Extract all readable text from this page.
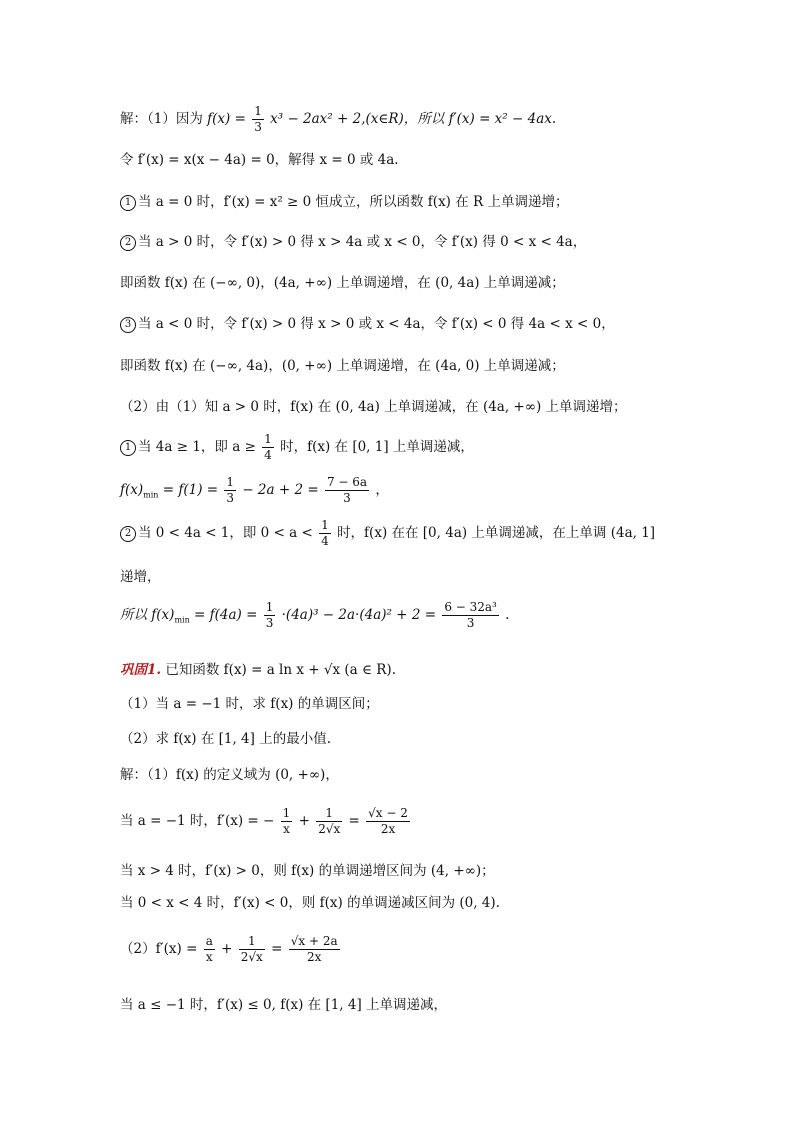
解：（1）因为 $f(x) = \frac{1}{3} x^3 - 2ax^2$ + 2,(x∈R)，所以 f′(x) = x² − 4ax.
令 f′(x) = x(x − 4a) = 0，解得 x = 0 或 4a.
1 当 a = 0 时，f′(x) = x² ≥ 0 恒成立，所以函数 f(x) 在 R 上单调递增；
2 当 a > 0 时，令 f′(x) > 0 得 x > 4a 或 x < 0，令 f′(x) 得 0 < x < 4a，
即函数 f(x) 在 (−∞, 0)，(4a, +∞) 上单调递增，在 (0, 4a) 上单调递减；
3 当 a < 0 时，令 f′(x) > 0 得 x > 0 或 x < 4a，令 f′(x) < 0 得 4a < x < 0，
即函数 f(x) 在 (−∞, 4a)，(0, +∞) 上单调递增，在 (4a, 0) 上单调递减；
（2）由（1）知 a > 0 时，f(x) 在 (0, 4a) 上单调递减，在 (4a, +∞) 上单调递增；
1 当 4a ≥ 1，即 $a \ge \frac{1}{4}$ 时，f(x) 在 [0, 1] 上单调递减，
$f(x)_{min} = f(1) = \frac{1}{3} - 2a + 2 = \frac{7 - 6a}{3}$ ，
2 当 0 < 4a < 1，即 $0 < a < \frac{1}{4}$ 时，f(x) 在在 [0, 4a) 上单调递减，在上单调 (4a, 1]
递增，
所以 $f(x)_{min} = f(4a) = \frac{1}{3} \cdot(4a)^3 - 2a\cdot(4a)^2 + 2 = \frac{\text{6 − 32a³}}{3}$ .
巩固1. 已知函数 f(x) = a ln x + √x (a ∈ R).
（1）当 a = −1 时，求 f(x) 的单调区间；
（2）求 f(x) 在 [1, 4] 上的最小值.
解：（1）f(x) 的定义域为 (0, +∞)，
当 a = −1 时，f′(x) = − $\frac{1}{x} + \frac{1}{2√x} = \frac{√x - 2}{2x}$
当 x > 4 时，f′(x) > 0，则 f(x) 的单调递增区间为 (4, +∞)；
当 0 < x < 4 时，f′(x) < 0，则 f(x) 的单调递减区间为 (0, 4).
$(2)f'(x) = \frac{a}{x} + \frac{1}{2√x} = \frac{√x + 2a}{2x}$
当 a ≤ −1 时，f′(x) ≤ 0, f(x) 在 [1, 4] 上单调递减，
